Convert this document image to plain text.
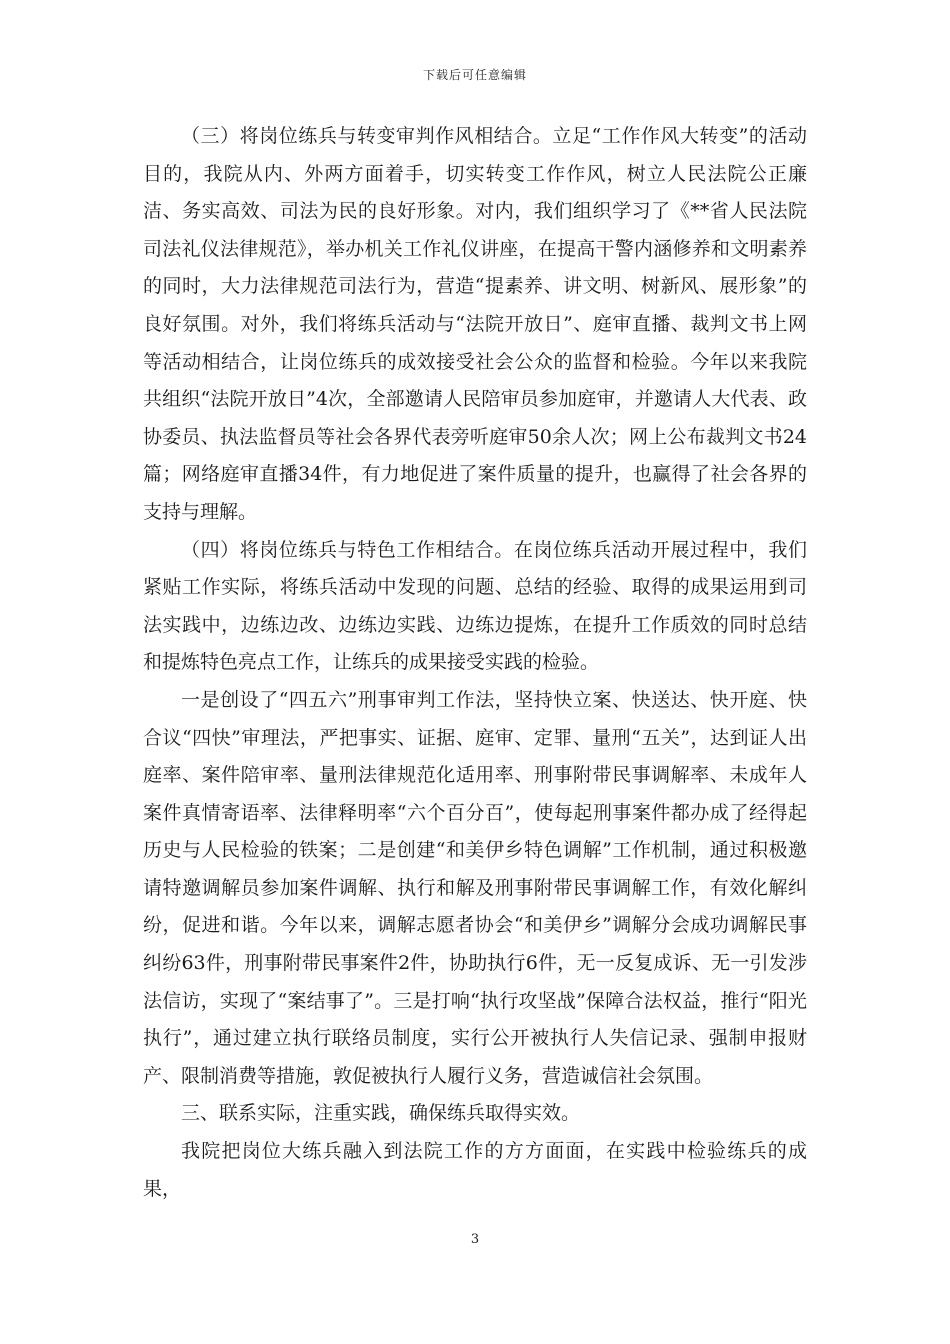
下载后可任意编辑

（三）将岗位练兵与转变审判作风相结合。立足“工作作风大转变”的活动目的，我院从内、外两方面着手，切实转变工作作风，树立人民法院公正廉洁、务实高效、司法为民的良好形象。对内，我们组织学习了《**省人民法院司法礼仪法律规范》，举办机关工作礼仪讲座，在提高干警内涵修养和文明素养的同时，大力法律规范司法行为，营造“提素养、讲文明、树新风、展形象”的良好氛围。对外，我们将练兵活动与“法院开放日”、庭审直播、裁判文书上网等活动相结合，让岗位练兵的成效接受社会公众的监督和检验。今年以来我院共组织“法院开放日”4次，全部邀请人民陪审员参加庭审，并邀请人大代表、政协委员、执法监督员等社会各界代表旁听庭审50余人次；网上公布裁判文书24篇；网络庭审直播34件，有力地促进了案件质量的提升，也赢得了社会各界的支持与理解。

（四）将岗位练兵与特色工作相结合。在岗位练兵活动开展过程中，我们紧贴工作实际，将练兵活动中发现的问题、总结的经验、取得的成果运用到司法实践中，边练边改、边练边实践、边练边提炼，在提升工作质效的同时总结和提炼特色亮点工作，让练兵的成果接受实践的检验。

一是创设了“四五六”刑事审判工作法，坚持快立案、快送达、快开庭、快合议“四快”审理法，严把事实、证据、庭审、定罪、量刑“五关”，达到证人出庭率、案件陪审率、量刑法律规范化适用率、刑事附带民事调解率、未成年人案件真情寄语率、法律释明率“六个百分百”，使每起刑事案件都办成了经得起历史与人民检验的铁案；二是创建“和美伊乡特色调解”工作机制，通过积极邀请特邀调解员参加案件调解、执行和解及刑事附带民事调解工作，有效化解纠纷，促进和谐。今年以来，调解志愿者协会“和美伊乡”调解分会成功调解民事纠纷63件，刑事附带民事案件2件，协助执行6件，无一反复成诉、无一引发涉法信访，实现了“案结事了”。三是打响“执行攻坚战”保障合法权益，推行“阳光执行”，通过建立执行联络员制度，实行公开被执行人失信记录、强制申报财产、限制消费等措施，敦促被执行人履行义务，营造诚信社会氛围。

三、联系实际，注重实践，确保练兵取得实效。

我院把岗位大练兵融入到法院工作的方方面面，在实践中检验练兵的成果，

3
